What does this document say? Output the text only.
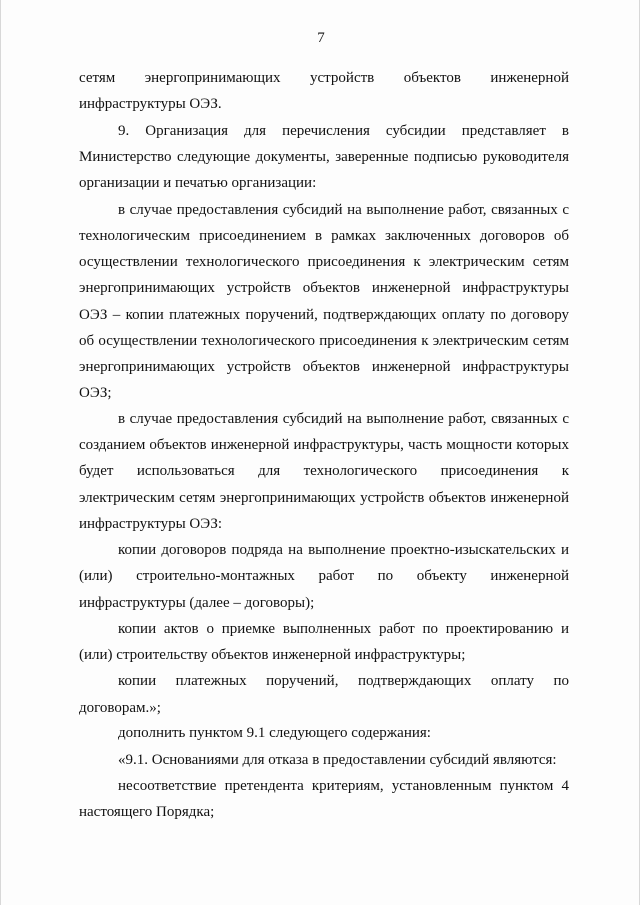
7
сетям энергопринимающих устройств объектов инженерной
инфраструктуры ОЭЗ.
9. Организация для перечисления субсидии представляет в
Министерство следующие документы, заверенные подписью руководителя
организации и печатью организации:
в случае предоставления субсидий на выполнение работ, связанных с
технологическим присоединением в рамках заключенных договоров об
осуществлении технологического присоединения к электрическим сетям
энергопринимающих устройств объектов инженерной инфраструктуры
ОЭЗ – копии платежных поручений, подтверждающих оплату по договору
об осуществлении технологического присоединения к электрическим сетям
энергопринимающих устройств объектов инженерной инфраструктуры
ОЭЗ;
в случае предоставления субсидий на выполнение работ, связанных с
созданием объектов инженерной инфраструктуры, часть мощности которых
будет использоваться для технологического присоединения к
электрическим сетям энергопринимающих устройств объектов инженерной
инфраструктуры ОЭЗ:
копии договоров подряда на выполнение проектно-изыскательских и
(или) строительно-монтажных работ по объекту инженерной
инфраструктуры (далее – договоры);
копии актов о приемке выполненных работ по проектированию и
(или) строительству объектов инженерной инфраструктуры;
копии платежных поручений, подтверждающих оплату по
договорам.»;
дополнить пунктом 9.1 следующего содержания:
«9.1. Основаниями для отказа в предоставлении субсидий являются:
несоответствие претендента критериям, установленным пунктом 4
настоящего Порядка;
